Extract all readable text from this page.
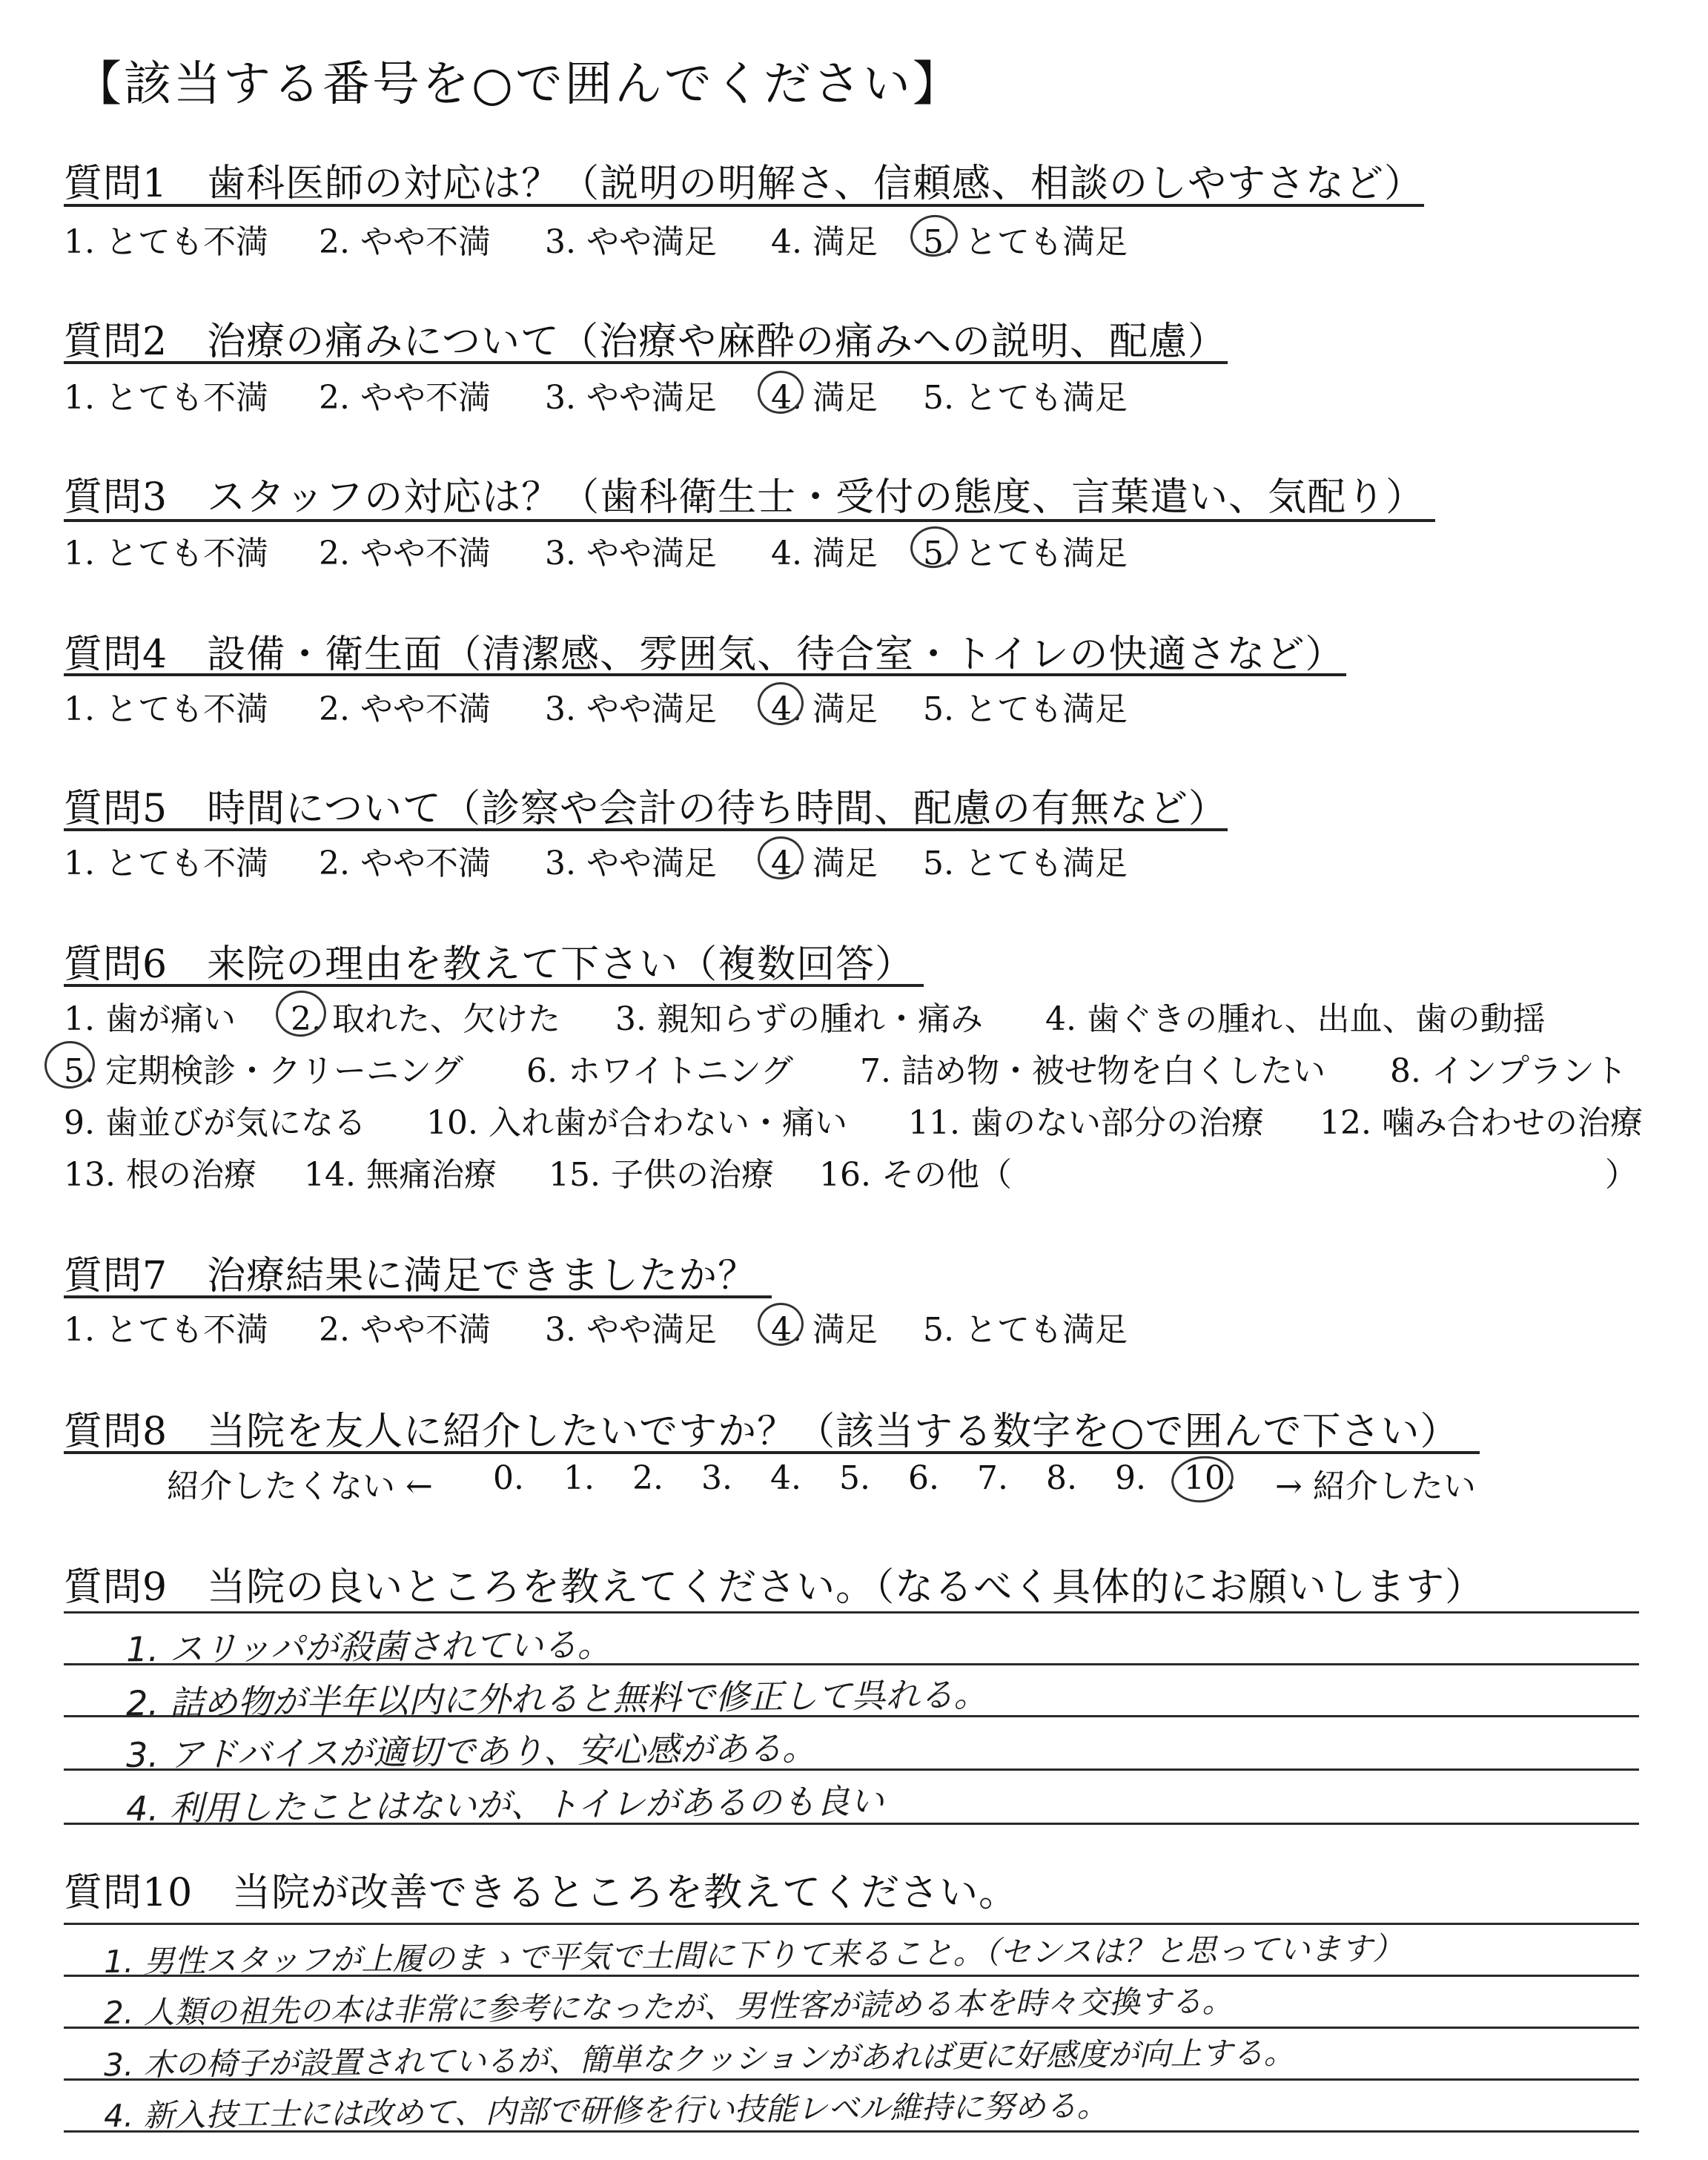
【該当する番号を○で囲んでください】
質問1　歯科医師の対応は？（説明の明解さ、信頼感、相談のしやすさなど）
1. とても不満 2. やや不満 3. やや満足 4. 満足 5. とても満足
質問2　治療の痛みについて（治療や麻酔の痛みへの説明、配慮）
1. とても不満 2. やや不満 3. やや満足 4. 満足 5. とても満足
質問3　スタッフの対応は？（歯科衛生士・受付の態度、言葉遣い、気配り）
1. とても不満 2. やや不満 3. やや満足 4. 満足 5. とても満足
質問4　設備・衛生面（清潔感、雰囲気、待合室・トイレの快適さなど）
1. とても不満 2. やや不満 3. やや満足 4. 満足 5. とても満足
質問5　時間について（診察や会計の待ち時間、配慮の有無など）
1. とても不満 2. やや不満 3. やや満足 4. 満足 5. とても満足
質問6　来院の理由を教えて下さい（複数回答）
1. 歯が痛い 2. 取れた、欠けた 3. 親知らずの腫れ・痛み 4. 歯ぐきの腫れ、出血、歯の動揺
5. 定期検診・クリーニング 6. ホワイトニング 7. 詰め物・被せ物を白くしたい 8. インプラント
9. 歯並びが気になる 10. 入れ歯が合わない・痛い 11. 歯のない部分の治療 12. 噛み合わせの治療
13. 根の治療 14. 無痛治療 15. 子供の治療 16. その他（	）
質問7　治療結果に満足できましたか？
1. とても不満 2. やや不満 3. やや満足 4. 満足 5. とても満足
質問8　当院を友人に紹介したいですか？（該当する数字を○で囲んで下さい）
紹介したくない ← 0. 1. 2. 3. 4. 5. 6. 7. 8. 9. 10. → 紹介したい
質問9　当院の良いところを教えてください。（なるべく具体的にお願いします）
1. スリッパが殺菌されている。
2. 詰め物が半年以内に外れると無料で修正して呉れる。
3. アドバイスが適切であり、安心感がある。
4. 利用したことはないが、トイレがあるのも良い
質問10　当院が改善できるところを教えてください。
1. 男性スタッフが上履のまゝで平気で土間に下りて来ること。（センスは？と思っています）
2. 人類の祖先の本は非常に参考になったが、男性客が読める本を時々交換する。
3. 木の椅子が設置されているが、簡単なクッションがあれば更に好感度が向上する。
4. 新入技工士には改めて、内部で研修を行い技能レベル維持に努める。
